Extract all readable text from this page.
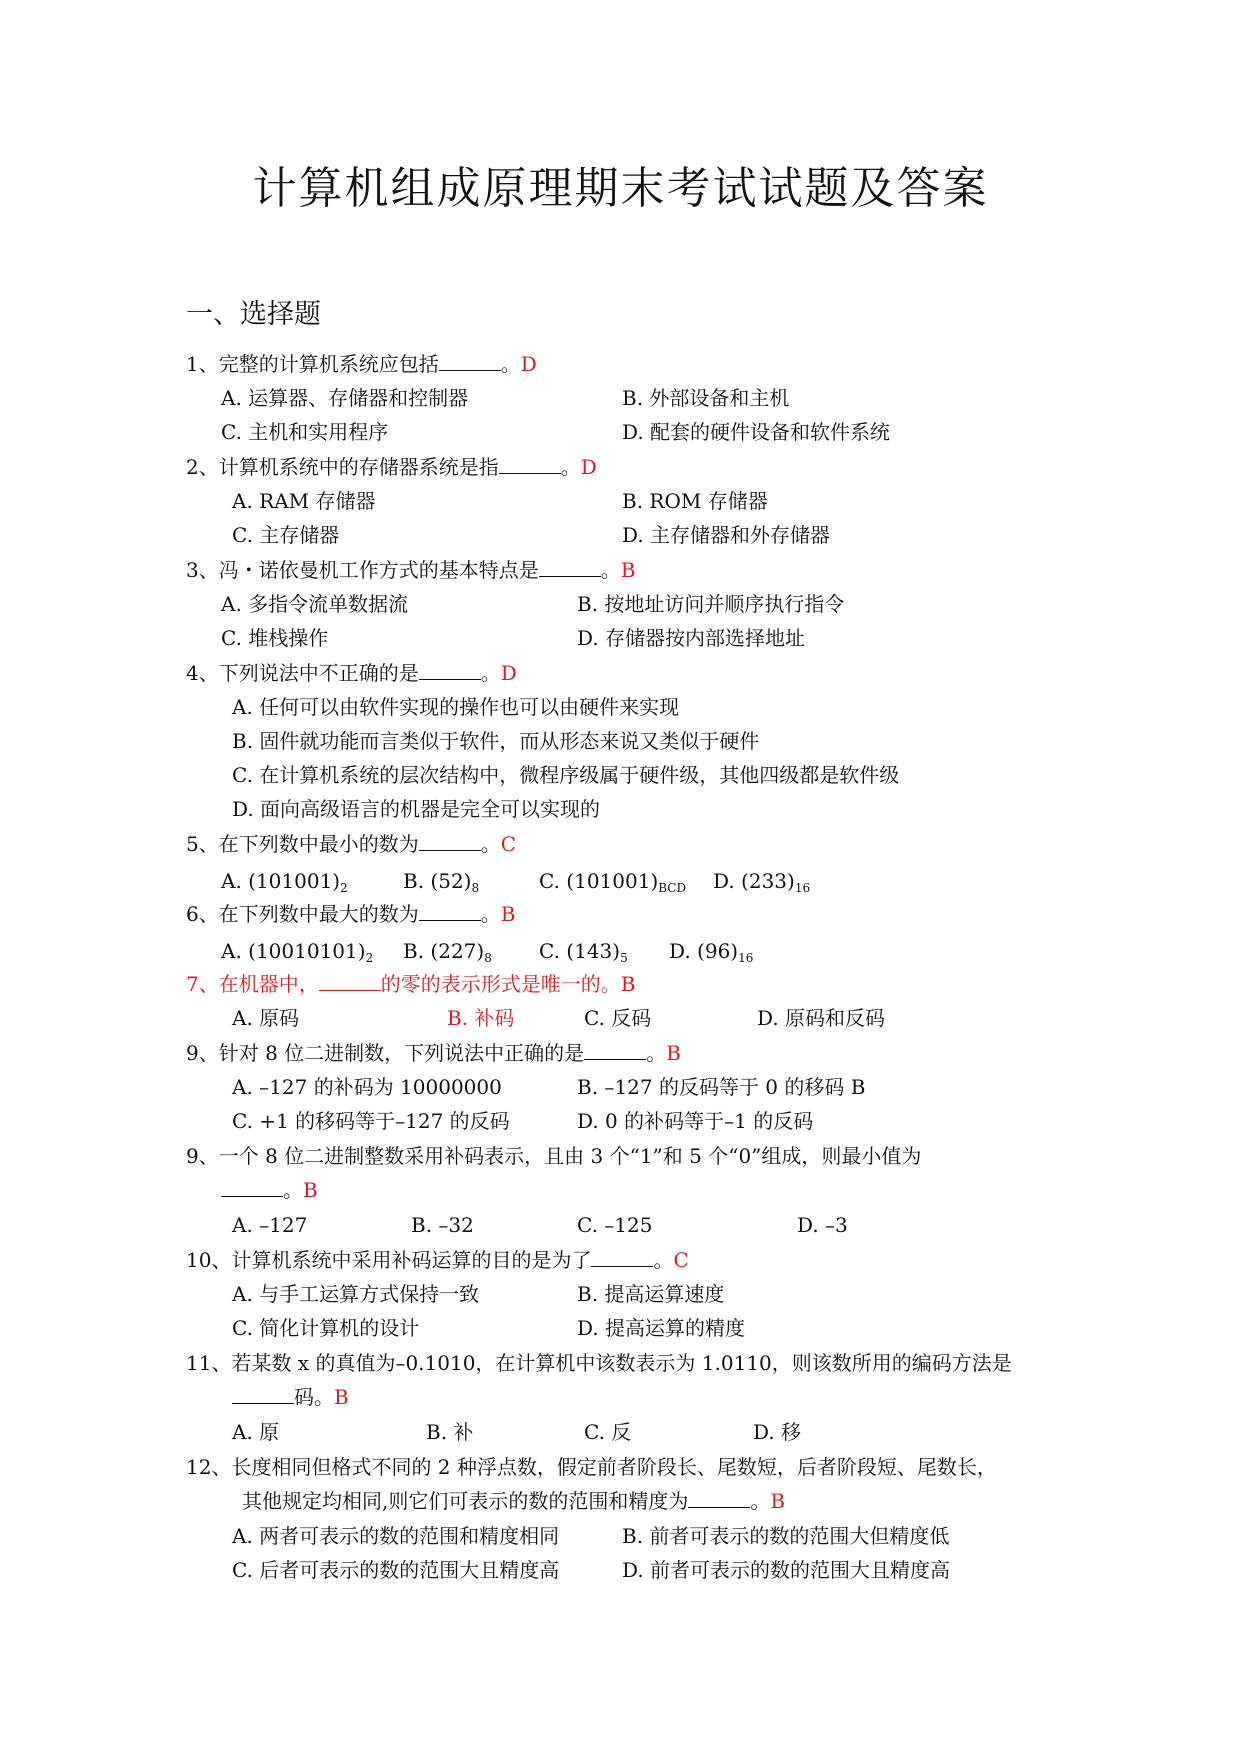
计算机组成原理期末考试试题及答案
一、选择题
1、完整的计算机系统应包括	。D
A. 运算器、存储器和控制器	B. 外部设备和主机
C. 主机和实用程序	D. 配套的硬件设备和软件系统
2、计算机系统中的存储器系统是指	。D
A. RAM 存储器	B. ROM 存储器
C. 主存储器	D. 主存储器和外存储器
3、冯・诺依曼机工作方式的基本特点是	。B
A. 多指令流单数据流	B. 按地址访问并顺序执行指令
C. 堆栈操作	D. 存储器按内部选择地址
4、下列说法中不正确的是	。D
A. 任何可以由软件实现的操作也可以由硬件来实现
B. 固件就功能而言类似于软件，而从形态来说又类似于硬件
C. 在计算机系统的层次结构中，微程序级属于硬件级，其他四级都是软件级
D. 面向高级语言的机器是完全可以实现的
5、在下列数中最小的数为	。C
A. $(101001)_2$	B. $(52)_8$	C. $(101001)_{BCD}$ D. $(233)_{16}$
6、在下列数中最大的数为	。B
A. $(10010101)_2$ B. $(227)_8$ C. $(143)_5$ D. $(96)_{16}$
7、在机器中，	的零的表示形式是唯一的。B
A. 原码	B. 补码	C. 反码	D. 原码和反码
9、针对 8 位二进制数，下列说法中正确的是	。B
A. –127 的补码为 10000000	B. –127 的反码等于 0 的移码 B
C. +1 的移码等于–127 的反码	D. 0 的补码等于–1 的反码
9、一个 8 位二进制整数采用补码表示，且由 3 个“1”和 5 个“0”组成，则最小值为
。B
A. –127	B. –32	C. –125	D. –3
10、计算机系统中采用补码运算的目的是为了	。C
A. 与手工运算方式保持一致	B. 提高运算速度
C. 简化计算机的设计	D. 提高运算的精度
11、若某数 x 的真值为–0.1010，在计算机中该数表示为 1.0110，则该数所用的编码方法是
码。B
A. 原	B. 补	C. 反	D. 移
12、长度相同但格式不同的 2 种浮点数，假定前者阶段长、尾数短，后者阶段短、尾数长，
其他规定均相同,则它们可表示的数的范围和精度为	。B
A. 两者可表示的数的范围和精度相同	B. 前者可表示的数的范围大但精度低
C. 后者可表示的数的范围大且精度高	D. 前者可表示的数的范围大且精度高
